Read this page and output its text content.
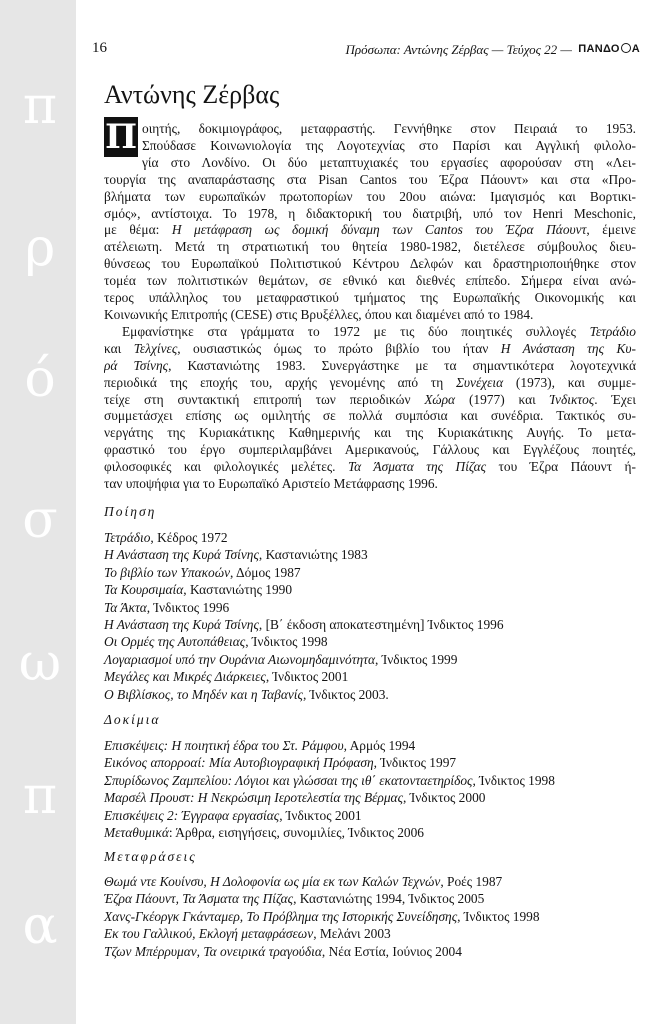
π
ρ
ό
σ
ω
π
α
16	Πρόσωπα: Αντώνης Ζέρβας — Τεύχος 22 — ΠΑΝΔΟ Α
Αντώνης Ζέρβας
Π οιητής, δοκιμιογράφος, μεταφραστής. Γεννήθηκε στον Πειραιά το 1953.
Σπούδασε Κοινωνιολογία της Λογοτεχνίας στο Παρίσι και Αγγλική φιλολο-
γία στο Λονδίνο. Οι δύο μεταπτυχιακές του εργασίες αφορούσαν στη «Λει-
τουργία της αναπαράστασης στα Pisan Cantos του Έζρα Πάουντ» και στα «Προ-
βλήματα των ευρωπαϊκών πρωτοπορίων του 20ου αιώνα: Ιμαγισμός και Βορτικι-
σμός», αντίστοιχα. Το 1978, η διδακτορική του διατριβή, υπό τον Henri Meschonic,
με θέμα: Η μετάφραση ως δομική δύναμη των Cantos του Έζρα Πάουντ, έμεινε
ατέλειωτη. Μετά τη στρατιωτική του θητεία 1980-1982, διετέλεσε σύμβουλος διευ-
θύνσεως του Ευρωπαϊκού Πολιτιστικού Κέντρου Δελφών και δραστηριοποιήθηκε στον
τομέα των πολιτιστικών θεμάτων, σε εθνικό και διεθνές επίπεδο. Σήμερα είναι ανώ-
τερος υπάλληλος του μεταφραστικού τμήματος της Ευρωπαϊκής Οικονομικής και
Κοινωνικής Επιτροπής (CESE) στις Βρυξέλλες, όπου και διαμένει από το 1984.
Εμφανίστηκε στα γράμματα το 1972 με τις δύο ποιητικές συλλογές Τετράδιο
και Τελχίνες, ουσιαστικώς όμως το πρώτο βιβλίο του ήταν Η Ανάσταση της Κυ-
ρά Τσίνης, Καστανιώτης 1983. Συνεργάστηκε με τα σημαντικότερα λογοτεχνικά
περιοδικά της εποχής του, αρχής γενομένης από τη Συνέχεια (1973), και συμμε-
τείχε στη συντακτική επιτροπή των περιοδικών Χώρα (1977) και Ίνδικτος. Έχει
συμμετάσχει επίσης ως ομιλητής σε πολλά συμπόσια και συνέδρια. Τακτικός συ-
νεργάτης της Κυριακάτικης Καθημερινής και της Κυριακάτικης Αυγής. Το μετα-
φραστικό του έργο συμπεριλαμβάνει Αμερικανούς, Γάλλους και Εγγλέζους ποιητές,
φιλοσοφικές και φιλολογικές μελέτες. Τα Άσματα της Πίζας του Έζρα Πάουντ ή-
ταν υποψήφια για το Ευρωπαϊκό Αριστείο Μετάφρασης 1996.
Ποίηση
Τετράδιο, Κέδρος 1972
Η Ανάσταση της Κυρά Τσίνης, Καστανιώτης 1983
Το βιβλίο των Υπακοών, Δόμος 1987
Τα Κουρσιμαία, Καστανιώτης 1990
Τα Άκτα, Ίνδικτος 1996
Η Ανάσταση της Κυρά Τσίνης, [Β΄ έκδοση αποκατεστημένη] Ίνδικτος 1996
Οι Ορμές της Αυτοπάθειας, Ίνδικτος 1998
Λογαριασμοί υπό την Ουράνια Αιωνομηδαμινότητα, Ίνδικτος 1999
Μεγάλες και Μικρές Διάρκειες, Ίνδικτος 2001
Ο Βιβλίσκος, το Μηδέν και η Ταβανίς, Ίνδικτος 2003.
Δοκίμια
Επισκέψεις: Η ποιητική έδρα του Στ. Ράμφου, Αρμός 1994
Εικόνος απορροαί: Μία Αυτοβιογραφική Πρόφαση, Ίνδικτος 1997
Σπυρίδωνος Ζαμπελίου: Λόγιοι και γλώσσαι της ιθ΄ εκατονταετηρίδος, Ίνδικτος 1998
Μαρσέλ Προυστ: Η Νεκρώσιμη Ιεροτελεστία της Βέρμας, Ίνδικτος 2000
Επισκέψεις 2: Έγγραφα εργασίας, Ίνδικτος 2001
Μεταθυμικά: Άρθρα, εισηγήσεις, συνομιλίες, Ίνδικτος 2006
Μεταφράσεις
Θωμά ντε Κουίνσυ, Η Δολοφονία ως μία εκ των Καλών Τεχνών, Ροές 1987
Έζρα Πάουντ, Τα Άσματα της Πίζας, Καστανιώτης 1994, Ίνδικτος 2005
Χανς-Γκέοργκ Γκάνταμερ, Το Πρόβλημα της Ιστορικής Συνείδησης, Ίνδικτος 1998
Εκ του Γαλλικού, Εκλογή μεταφράσεων, Μελάνι 2003
Τζων Μπέρρυμαν, Τα ονειρικά τραγούδια, Νέα Εστία, Ιούνιος 2004
